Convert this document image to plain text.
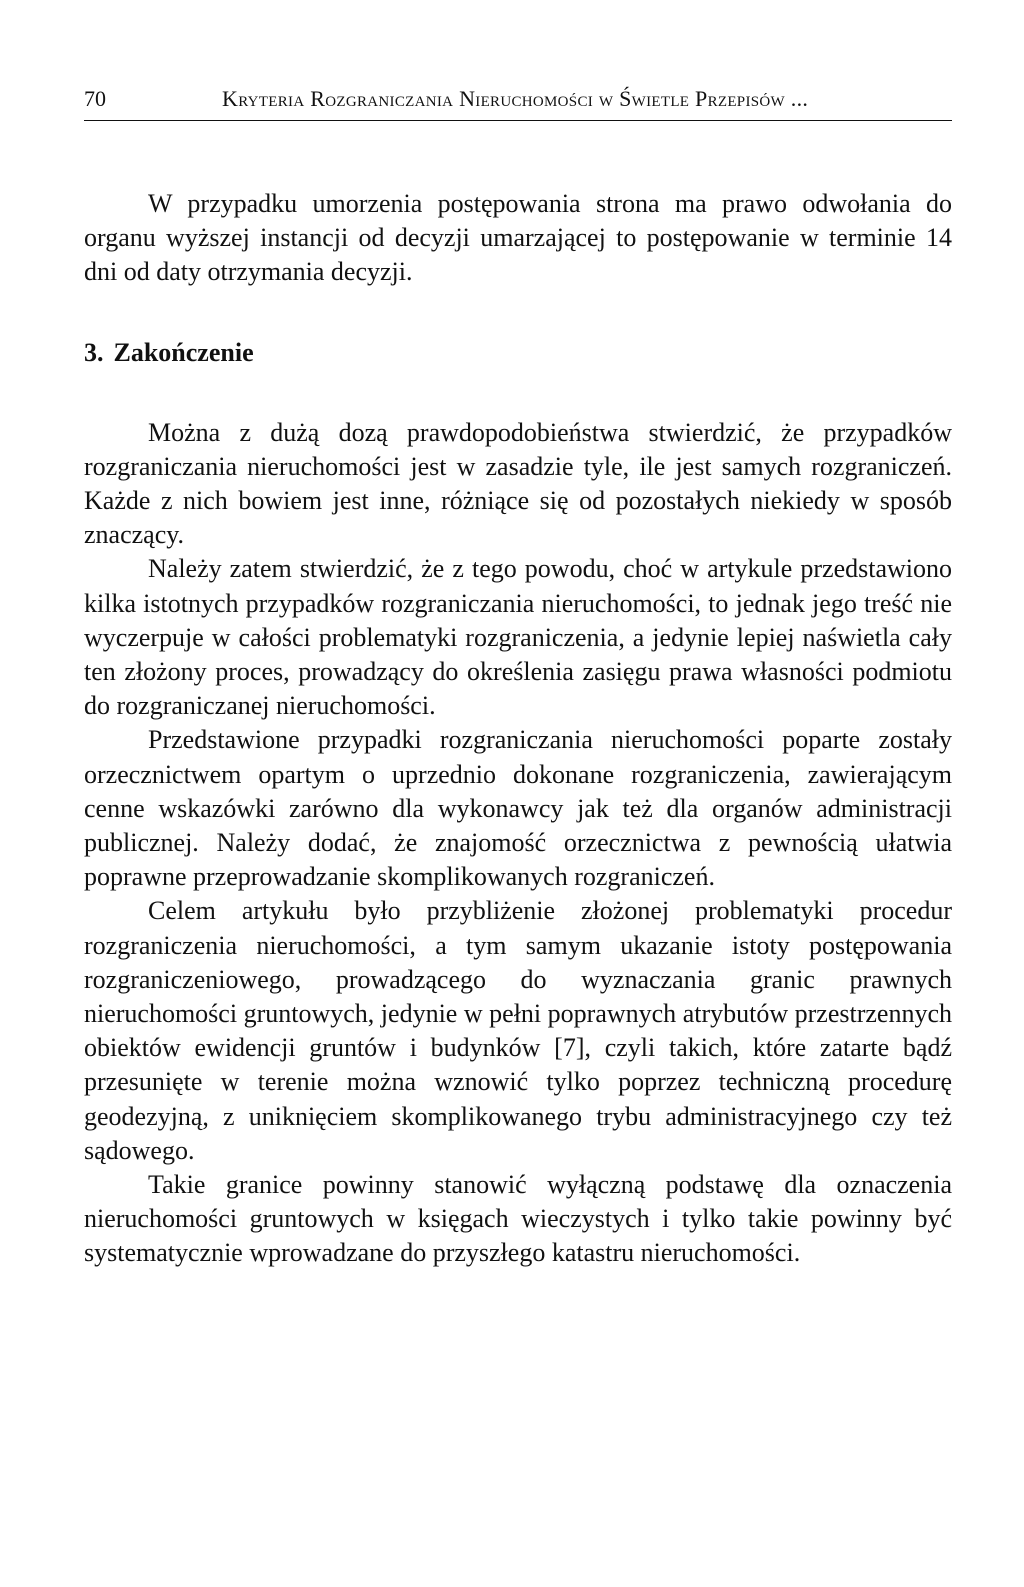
70	Kryteria Rozgraniczania Nieruchomości w Świetle Przepisów ...

W przypadku umorzenia postępowania strona ma prawo odwołania do organu wyższej instancji od decyzji umarzającej to postępowanie w terminie 14 dni od daty otrzymania decyzji.

3. Zakończenie

Można z dużą dozą prawdopodobieństwa stwierdzić, że przypadków rozgraniczania nieruchomości jest w zasadzie tyle, ile jest samych rozgraniczeń. Każde z nich bowiem jest inne, różniące się od pozostałych niekiedy w sposób znaczący.

Należy zatem stwierdzić, że z tego powodu, choć w artykule przedstawiono kilka istotnych przypadków rozgraniczania nieruchomości, to jednak jego treść nie wyczerpuje w całości problematyki rozgraniczenia, a jedynie lepiej naświetla cały ten złożony proces, prowadzący do określenia zasięgu prawa własności podmiotu do rozgraniczanej nieruchomości.

Przedstawione przypadki rozgraniczania nieruchomości poparte zostały orzecznictwem opartym o uprzednio dokonane rozgraniczenia, zawierającym cenne wskazówki zarówno dla wykonawcy jak też dla organów administracji publicznej. Należy dodać, że znajomość orzecznictwa z pewnością ułatwia poprawne przeprowadzanie skomplikowanych rozgraniczeń.

Celem artykułu było przybliżenie złożonej problematyki procedur rozgraniczenia nieruchomości, a tym samym ukazanie istoty postępowania rozgraniczeniowego, prowadzącego do wyznaczania granic prawnych nieruchomości gruntowych, jedynie w pełni poprawnych atrybutów przestrzennych obiektów ewidencji gruntów i budynków [7], czyli takich, które zatarte bądź przesunięte w terenie można wznowić tylko poprzez techniczną procedurę geodezyjną, z uniknięciem skomplikowanego trybu administracyjnego czy też sądowego.

Takie granice powinny stanowić wyłączną podstawę dla oznaczenia nieruchomości gruntowych w księgach wieczystych i tylko takie powinny być systematycznie wprowadzane do przyszłego katastru nieruchomości.
